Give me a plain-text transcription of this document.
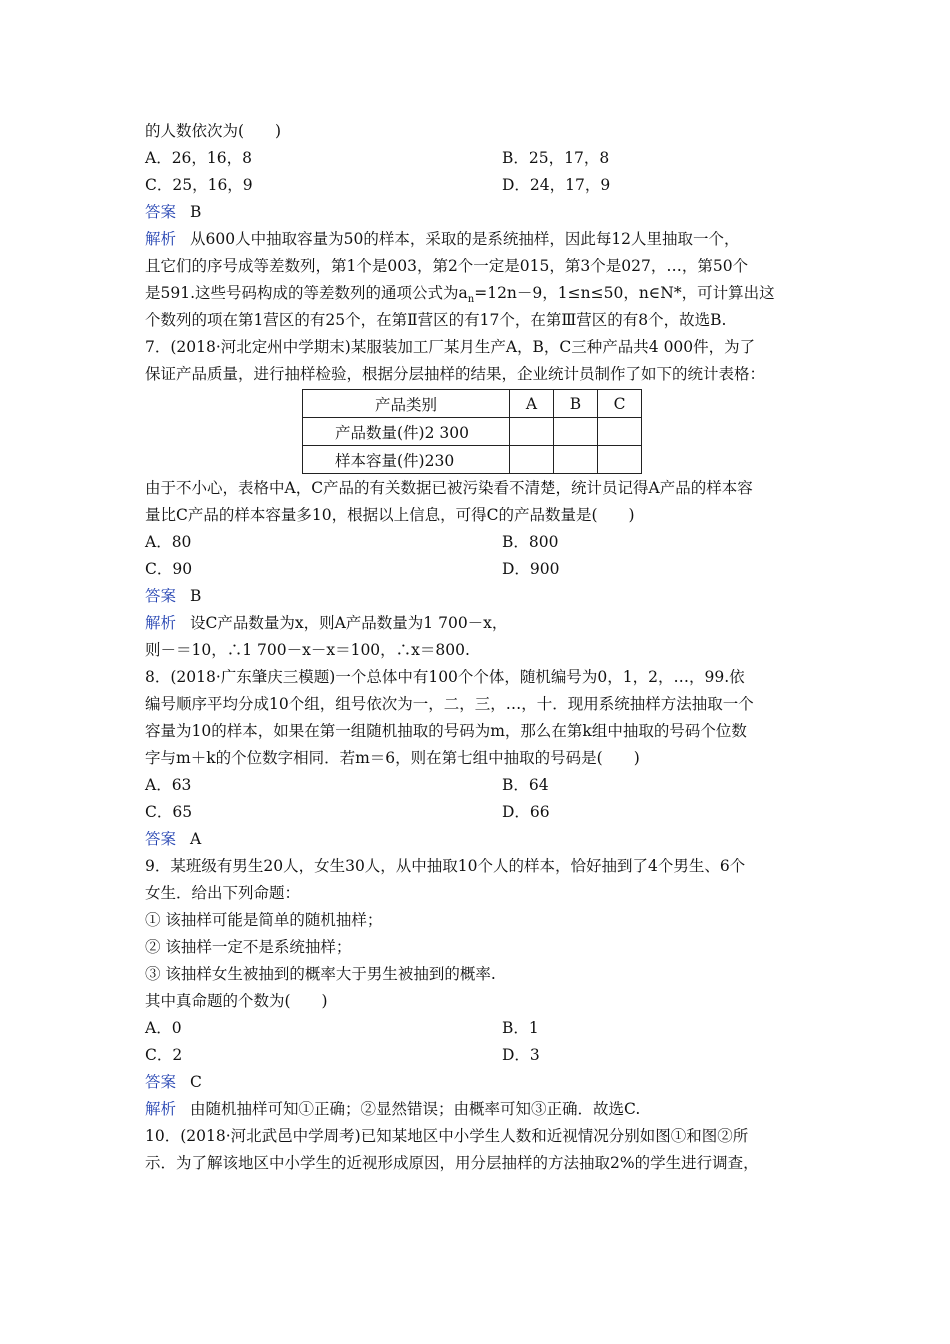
的人数依次为(　　)
A．26，16，8	B．25，17，8
C．25，16，9	D．24，17，9
答案 B
解析 从600人中抽取容量为50的样本，采取的是系统抽样，因此每12人里抽取一个，
且它们的序号成等差数列，第1个是003，第2个一定是015，第3个是027，…，第50个
是591.这些号码构成的等差数列的通项公式为$a_n=12n-9$，1≤n≤50，n∈N*，可计算出这
个数列的项在第1营区的有25个，在第Ⅱ营区的有17个，在第Ⅲ营区的有8个，故选B.
7．(2018·河北定州中学期末)某服装加工厂某月生产A，B，C三种产品共4 000件，为了
保证产品质量，进行抽样检验，根据分层抽样的结果，企业统计员制作了如下的统计表格：
产品类别	A	B	C
产品数量(件)2 300			
样本容量(件)230			
由于不小心，表格中A，C产品的有关数据已被污染看不清楚，统计员记得A产品的样本容
量比C产品的样本容量多10，根据以上信息，可得C的产品数量是(　　)
A．80	B．800
C．90	D．900
答案 B
解析 设C产品数量为x，则A产品数量为1 700－x，
则－＝10，∴1 700－x－x＝100，∴x＝800.
8．(2018·广东肇庆三模题)一个总体中有100个个体，随机编号为0，1，2，…，99.依
编号顺序平均分成10个组，组号依次为一，二，三，…，十．现用系统抽样方法抽取一个
容量为10的样本，如果在第一组随机抽取的号码为m，那么在第k组中抽取的号码个位数
字与m＋k的个位数字相同．若m＝6，则在第七组中抽取的号码是(　　)
A．63	B．64
C．65	D．66
答案 A
9．某班级有男生20人，女生30人，从中抽取10个人的样本，恰好抽到了4个男生、6个
女生．给出下列命题：
① 该抽样可能是简单的随机抽样；
② 该抽样一定不是系统抽样；
③ 该抽样女生被抽到的概率大于男生被抽到的概率.
其中真命题的个数为(　　)
A．0	B．1
C．2	D．3
答案 C
解析 由随机抽样可知①正确；②显然错误；由概率可知③正确．故选C.
10．(2018·河北武邑中学周考)已知某地区中小学生人数和近视情况分别如图①和图②所
示．为了解该地区中小学生的近视形成原因，用分层抽样的方法抽取2%的学生进行调查，
